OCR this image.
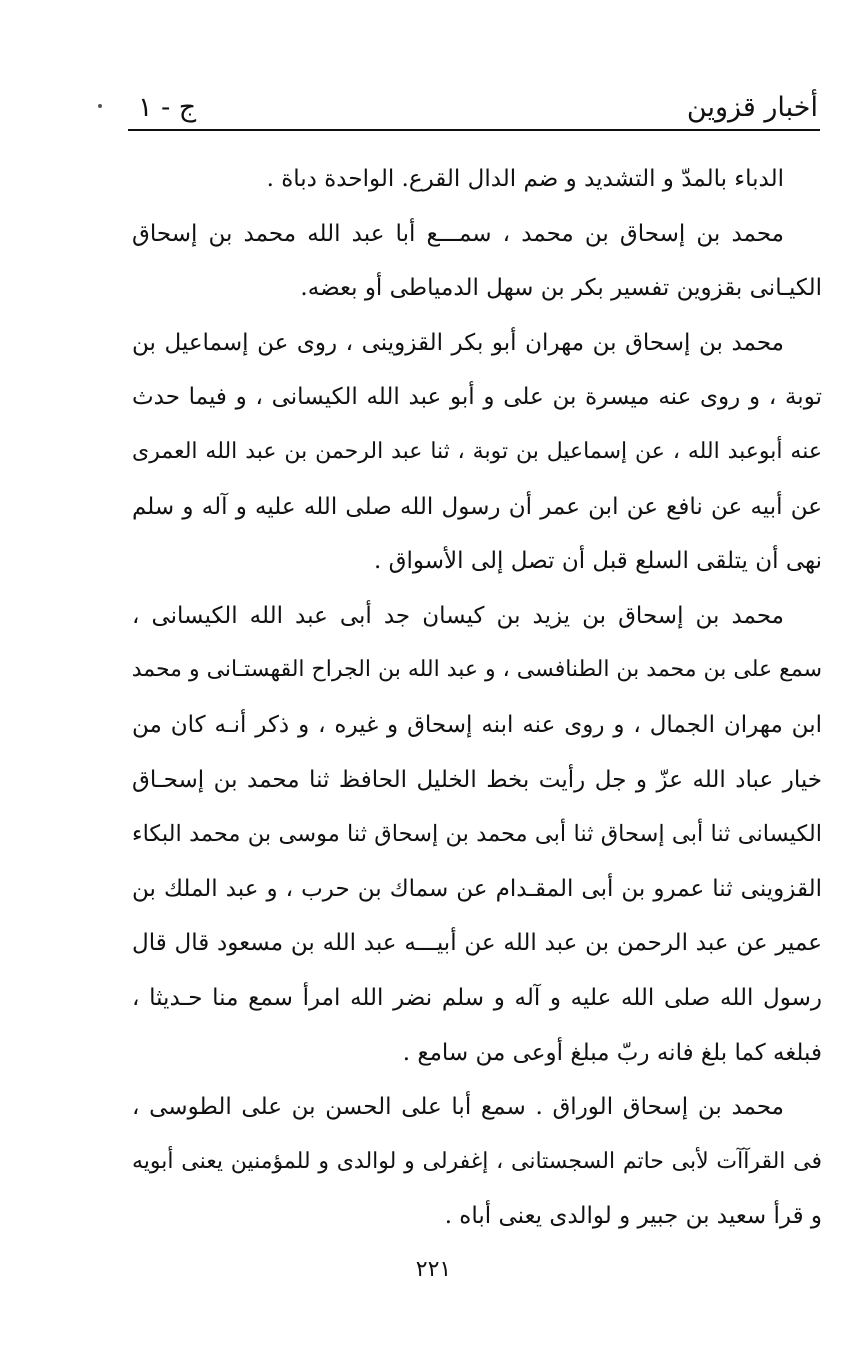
أخبار قزوين
ج - ١
الدباء بالمدّ و التشديد و ضم الدال القرع. الواحدة دباة .
محمد بن إسحاق بن محمد ، سمـــع أبا عبد الله محمد بن إسحاق
الكيـانى بقزوين تفسير بكر بن سهل الدمياطى أو بعضه.
محمد بن إسحاق بن مهران أبو بكر القزوينى ، روى عن إسماعيل بن
توبة ، و روى عنه ميسرة بن على و أبو عبد الله الكيسانى ، و فيما حدث
عنه أبوعبد الله ، عن إسماعيل بن توبة ، ثنا عبد الرحمن بن عبد الله العمرى
عن أبيه عن نافع عن ابن عمر أن رسول الله صلى الله عليه و آله و سلم
نهى أن يتلقى السلع قبل أن تصل إلى الأسواق .
محمد بن إسحاق بن يزيد بن كيسان جد أبى عبد الله الكيسانى ،
سمع على بن محمد بن الطنافسى ، و عبد الله بن الجراح القهستـانى و محمد
ابن مهران الجمال ، و روى عنه ابنه إسحاق و غيره ، و ذكر أنـه كان من
خيار عباد الله عزّ و جل رأيت بخط الخليل الحافظ ثنا محمد بن إسحـاق
الكيسانى ثنا أبى إسحاق ثنا أبى محمد بن إسحاق ثنا موسى بن محمد البكاء
القزوينى ثنا عمرو بن أبى المقـدام عن سماك بن حرب ، و عبد الملك بن
عمير عن عبد الرحمن بن عبد الله عن أبيـــه عبد الله بن مسعود قال قال
رسول الله صلى الله عليه و آله و سلم نضر الله امرأ سمع منا حـديثا ،
فبلغه كما بلغ فانه ربّ مبلغ أوعى من سامع .
محمد بن إسحاق الوراق . سمع أبا على الحسن بن على الطوسى ،
فى القرآآت لأبى حاتم السجستانى ، إغفرلى و لوالدى و للمؤمنين يعنى أبويه
و قرأ سعيد بن جبير و لوالدى يعنى أباه .
٢٢١
